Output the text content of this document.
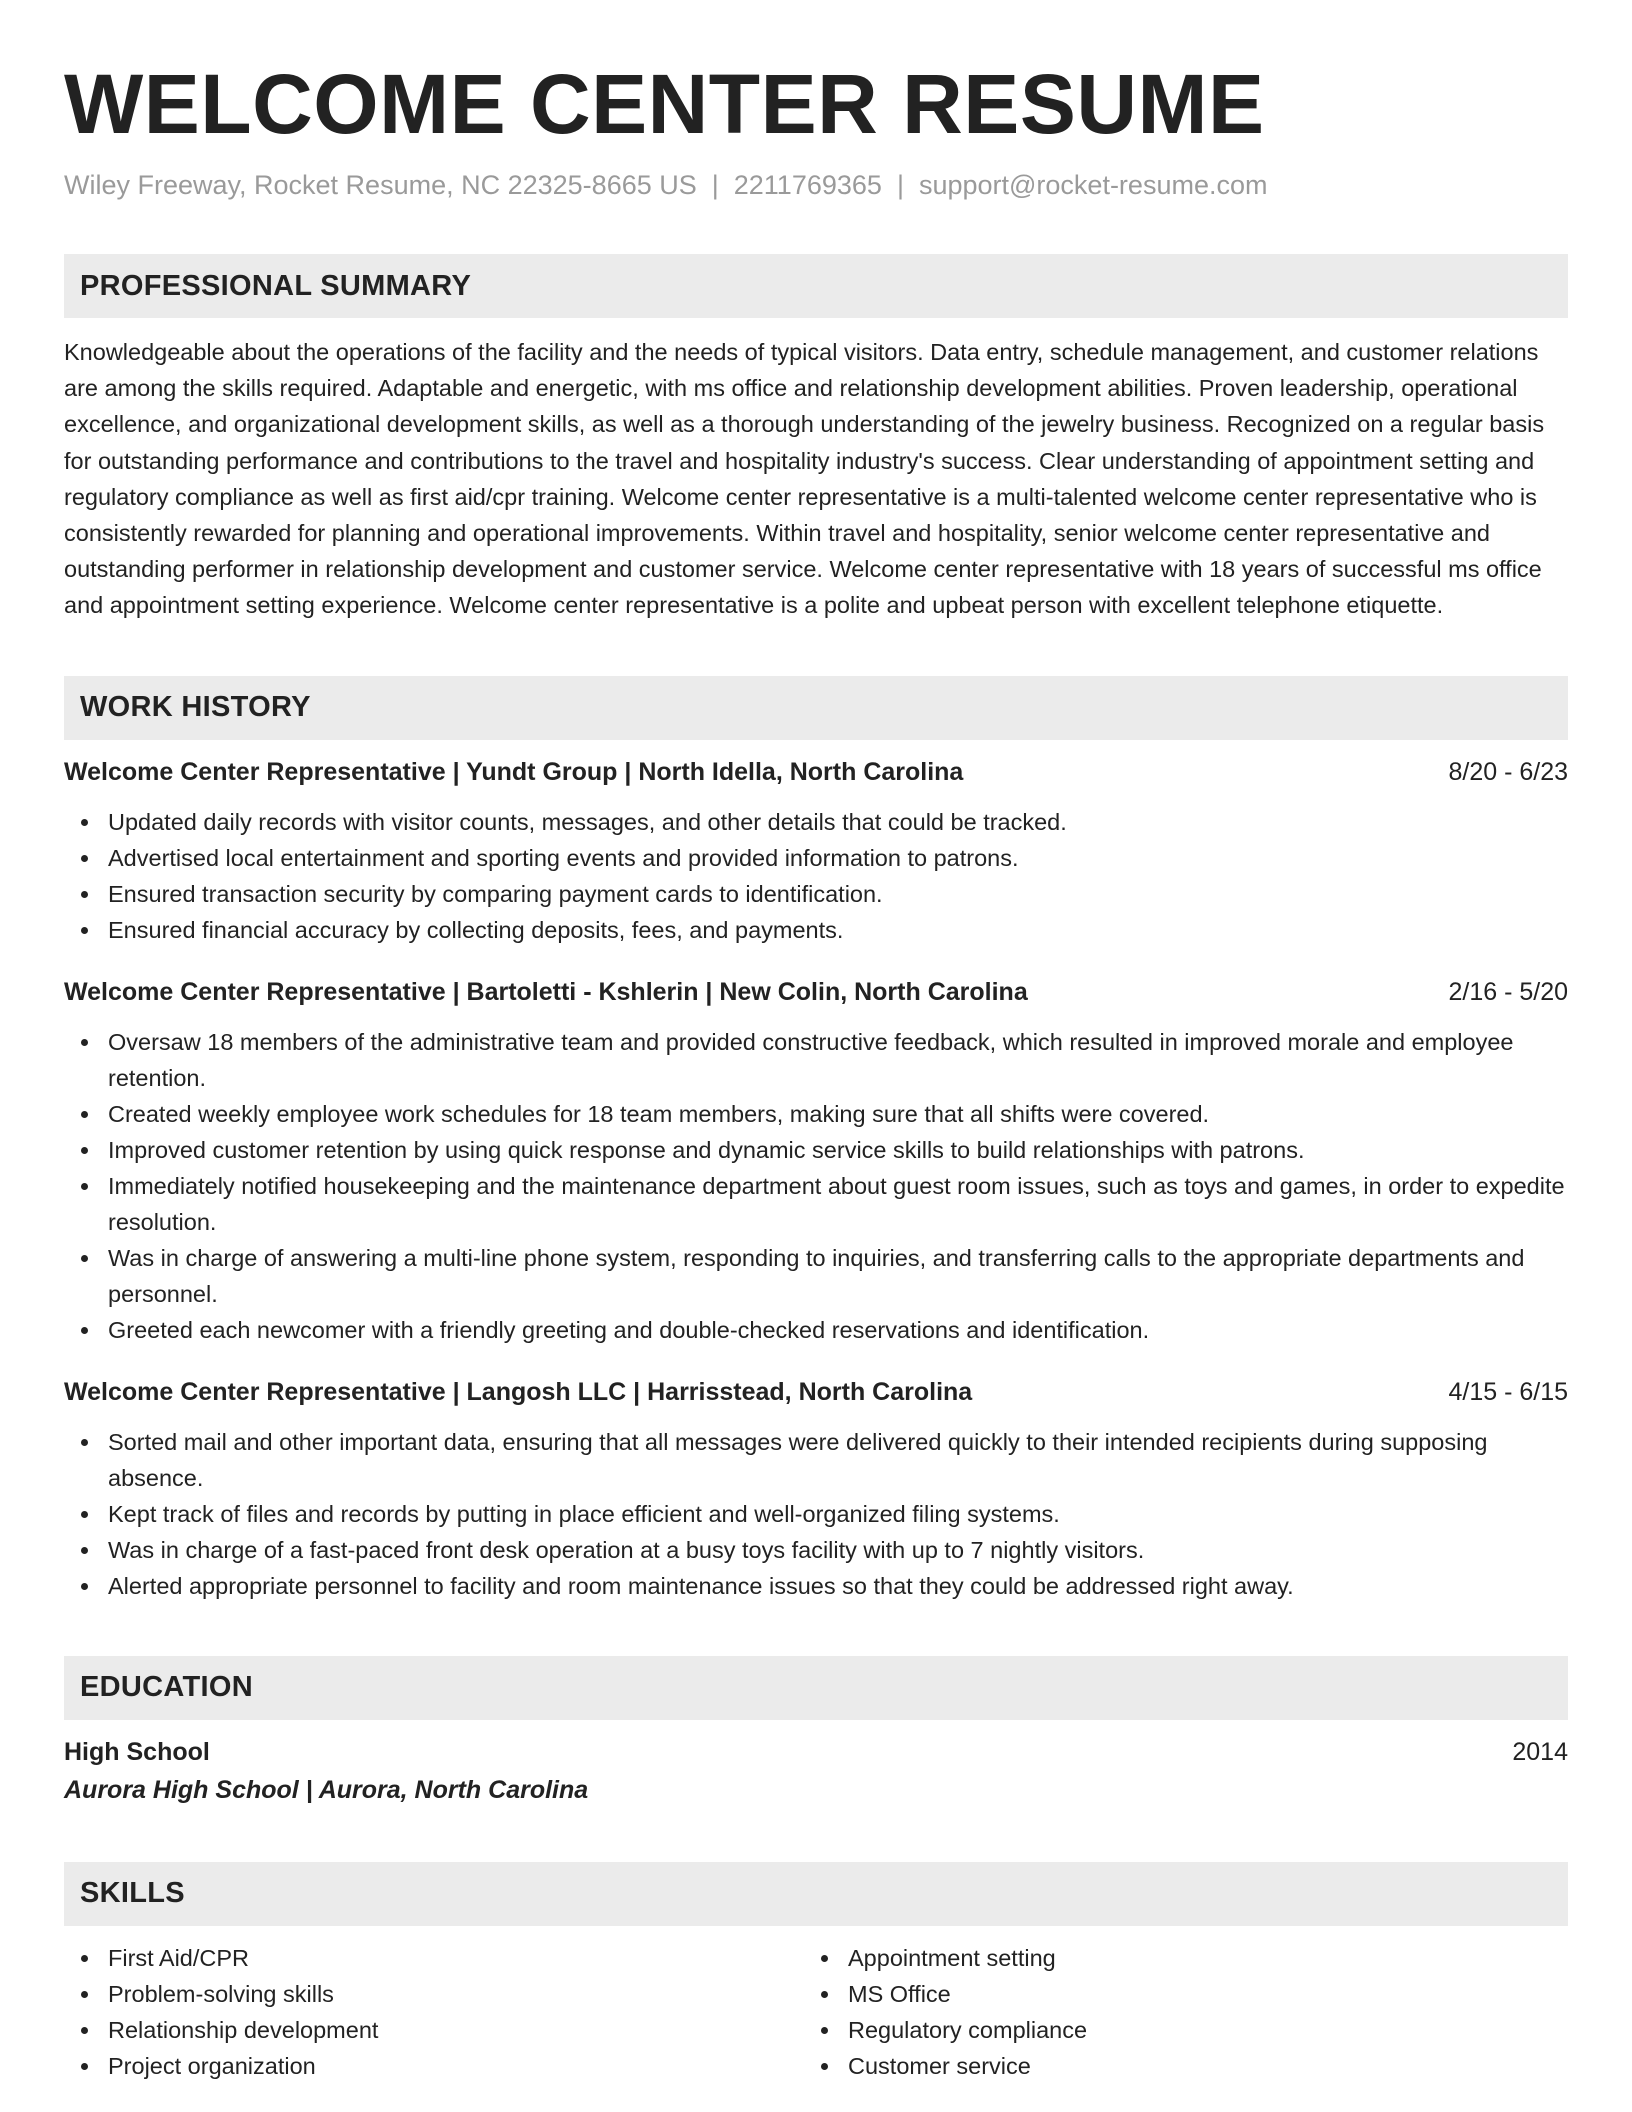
WELCOME CENTER RESUME
Wiley Freeway, Rocket Resume, NC 22325-8665 US | 2211769365 | support@rocket-resume.com
PROFESSIONAL SUMMARY

Knowledgeable about the operations of the facility and the needs of typical visitors. Data entry, schedule management, and customer relations are among the skills required. Adaptable and energetic, with ms office and relationship development abilities. Proven leadership, operational excellence, and organizational development skills, as well as a thorough understanding of the jewelry business. Recognized on a regular basis for outstanding performance and contributions to the travel and hospitality industry's success. Clear understanding of appointment setting and regulatory compliance as well as first aid/cpr training. Welcome center representative is a multi-talented welcome center representative who is consistently rewarded for planning and operational improvements. Within travel and hospitality, senior welcome center representative and outstanding performer in relationship development and customer service. Welcome center representative with 18 years of successful ms office and appointment setting experience. Welcome center representative is a polite and upbeat person with excellent telephone etiquette.

WORK HISTORY
Welcome Center Representative | Yundt Group | North Idella, North Carolina	8/20 - 6/23
Updated daily records with visitor counts, messages, and other details that could be tracked.
Advertised local entertainment and sporting events and provided information to patrons.
Ensured transaction security by comparing payment cards to identification.
Ensured financial accuracy by collecting deposits, fees, and payments.
Welcome Center Representative | Bartoletti - Kshlerin | New Colin, North Carolina	2/16 - 5/20
Oversaw 18 members of the administrative team and provided constructive feedback, which resulted in improved morale and employee retention.
Created weekly employee work schedules for 18 team members, making sure that all shifts were covered.
Improved customer retention by using quick response and dynamic service skills to build relationships with patrons.
Immediately notified housekeeping and the maintenance department about guest room issues, such as toys and games, in order to expedite resolution.
Was in charge of answering a multi-line phone system, responding to inquiries, and transferring calls to the appropriate departments and personnel.
Greeted each newcomer with a friendly greeting and double-checked reservations and identification.
Welcome Center Representative | Langosh LLC | Harrisstead, North Carolina	4/15 - 6/15
Sorted mail and other important data, ensuring that all messages were delivered quickly to their intended recipients during supposing absence.
Kept track of files and records by putting in place efficient and well-organized filing systems.
Was in charge of a fast-paced front desk operation at a busy toys facility with up to 7 nightly visitors.
Alerted appropriate personnel to facility and room maintenance issues so that they could be addressed right away.
EDUCATION
High School	2014
Aurora High School | Aurora, North Carolina
SKILLS
First Aid/CPR
Problem-solving skills
Relationship development
Project organization
Appointment setting
MS Office
Regulatory compliance
Customer service
